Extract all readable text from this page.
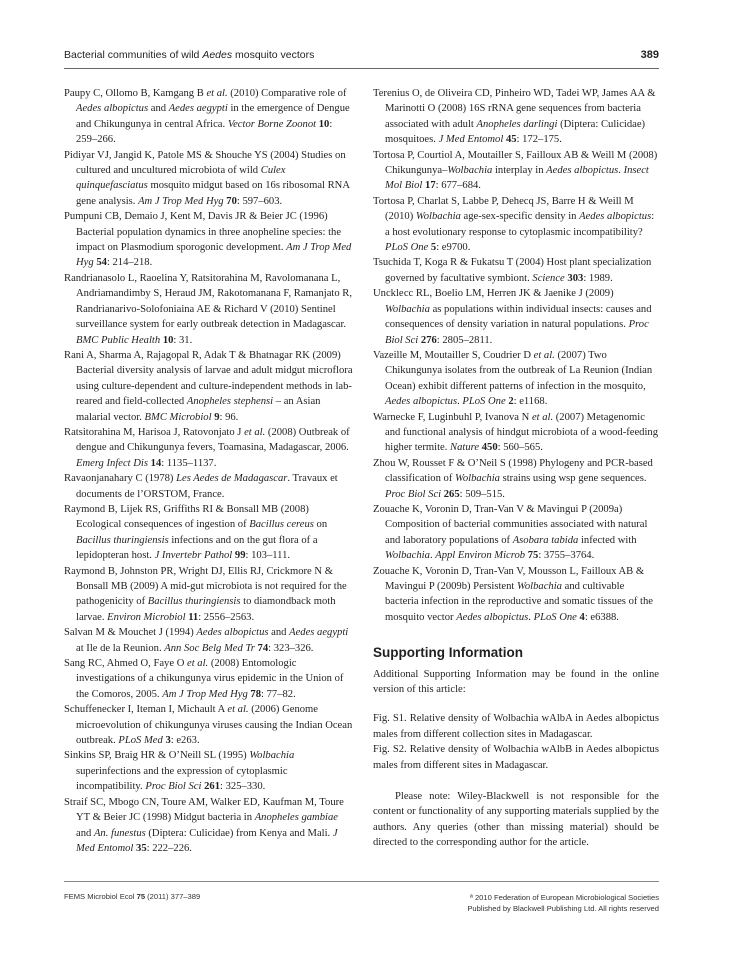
Bacterial communities of wild Aedes mosquito vectors	389

Paupy C, Ollomo B, Kamgang B et al. (2010) Comparative role of Aedes albopictus and Aedes aegypti in the emergence of Dengue and Chikungunya in central Africa. Vector Borne Zoonot 10: 259–266.

Pidiyar VJ, Jangid K, Patole MS & Shouche YS (2004) Studies on cultured and uncultured microbiota of wild Culex quinquefasciatus mosquito midgut based on 16s ribosomal RNA gene analysis. Am J Trop Med Hyg 70: 597–603.

Pumpuni CB, Demaio J, Kent M, Davis JR & Beier JC (1996) Bacterial population dynamics in three anopheline species: the impact on Plasmodium sporogonic development. Am J Trop Med Hyg 54: 214–218.

Randrianasolo L, Raoelina Y, Ratsitorahina M, Ravolomanana L, Andriamandimby S, Heraud JM, Rakotomanana F, Ramanjato R, Randrianarivo-Solofoniaina AE & Richard V (2010) Sentinel surveillance system for early outbreak detection in Madagascar. BMC Public Health 10: 31.

Rani A, Sharma A, Rajagopal R, Adak T & Bhatnagar RK (2009) Bacterial diversity analysis of larvae and adult midgut microflora using culture-dependent and culture-independent methods in lab-reared and field-collected Anopheles stephensi – an Asian malarial vector. BMC Microbiol 9: 96.

Ratsitorahina M, Harisoa J, Ratovonjato J et al. (2008) Outbreak of dengue and Chikungunya fevers, Toamasina, Madagascar, 2006. Emerg Infect Dis 14: 1135–1137.

Ravaonjanahary C (1978) Les Aedes de Madagascar. Travaux et documents de l’ORSTOM, France.

Raymond B, Lijek RS, Griffiths RI & Bonsall MB (2008) Ecological consequences of ingestion of Bacillus cereus on Bacillus thuringiensis infections and on the gut flora of a lepidopteran host. J Invertebr Pathol 99: 103–111.

Raymond B, Johnston PR, Wright DJ, Ellis RJ, Crickmore N & Bonsall MB (2009) A mid-gut microbiota is not required for the pathogenicity of Bacillus thuringiensis to diamondback moth larvae. Environ Microbiol 11: 2556–2563.

Salvan M & Mouchet J (1994) Aedes albopictus and Aedes aegypti at Ile de la Reunion. Ann Soc Belg Med Tr 74: 323–326.

Sang RC, Ahmed O, Faye O et al. (2008) Entomologic investigations of a chikungunya virus epidemic in the Union of the Comoros, 2005. Am J Trop Med Hyg 78: 77–82.

Schuffenecker I, Iteman I, Michault A et al. (2006) Genome microevolution of chikungunya viruses causing the Indian Ocean outbreak. PLoS Med 3: e263.

Sinkins SP, Braig HR & O’Neill SL (1995) Wolbachia superinfections and the expression of cytoplasmic incompatibility. Proc Biol Sci 261: 325–330.

Straif SC, Mbogo CN, Toure AM, Walker ED, Kaufman M, Toure YT & Beier JC (1998) Midgut bacteria in Anopheles gambiae and An. funestus (Diptera: Culicidae) from Kenya and Mali. J Med Entomol 35: 222–226.

Terenius O, de Oliveira CD, Pinheiro WD, Tadei WP, James AA & Marinotti O (2008) 16S rRNA gene sequences from bacteria associated with adult Anopheles darlingi (Diptera: Culicidae) mosquitoes. J Med Entomol 45: 172–175.

Tortosa P, Courtiol A, Moutailler S, Failloux AB & Weill M (2008) Chikungunya–Wolbachia interplay in Aedes albopictus. Insect Mol Biol 17: 677–684.

Tortosa P, Charlat S, Labbe P, Dehecq JS, Barre H & Weill M (2010) Wolbachia age-sex-specific density in Aedes albopictus: a host evolutionary response to cytoplasmic incompatibility? PLoS One 5: e9700.

Tsuchida T, Koga R & Fukatsu T (2004) Host plant specialization governed by facultative symbiont. Science 303: 1989.

Uncklесс RL, Boelio LM, Herren JK & Jaenike J (2009) Wolbachia as populations within individual insects: causes and consequences of density variation in natural populations. Proc Biol Sci 276: 2805–2811.

Vazeille M, Moutailler S, Coudrier D et al. (2007) Two Chikungunya isolates from the outbreak of La Reunion (Indian Ocean) exhibit different patterns of infection in the mosquito, Aedes albopictus. PLoS One 2: e1168.

Warnecke F, Luginbuhl P, Ivanova N et al. (2007) Metagenomic and functional analysis of hindgut microbiota of a wood-feeding higher termite. Nature 450: 560–565.

Zhou W, Rousset F & O’Neil S (1998) Phylogeny and PCR-based classification of Wolbachia strains using wsp gene sequences. Proc Biol Sci 265: 509–515.

Zouache K, Voronin D, Tran-Van V & Mavingui P (2009a) Composition of bacterial communities associated with natural and laboratory populations of Asobara tabida infected with Wolbachia. Appl Environ Microb 75: 3755–3764.

Zouache K, Voronin D, Tran-Van V, Mousson L, Failloux AB & Mavingui P (2009b) Persistent Wolbachia and cultivable bacteria infection in the reproductive and somatic tissues of the mosquito vector Aedes albopictus. PLoS One 4: e6388.

Supporting Information

Additional Supporting Information may be found in the online version of this article:

Fig. S1. Relative density of Wolbachia wAlbA in Aedes albopictus males from different collection sites in Madagascar.

Fig. S2. Relative density of Wolbachia wAlbB in Aedes albopictus males from different sites in Madagascar.

Please note: Wiley-Blackwell is not responsible for the content or functionality of any supporting materials supplied by the authors. Any queries (other than missing material) should be directed to the corresponding author for the article.

FEMS Microbiol Ecol 75 (2011) 377–389	ª 2010 Federation of European Microbiological Societies
Published by Blackwell Publishing Ltd. All rights reserved
